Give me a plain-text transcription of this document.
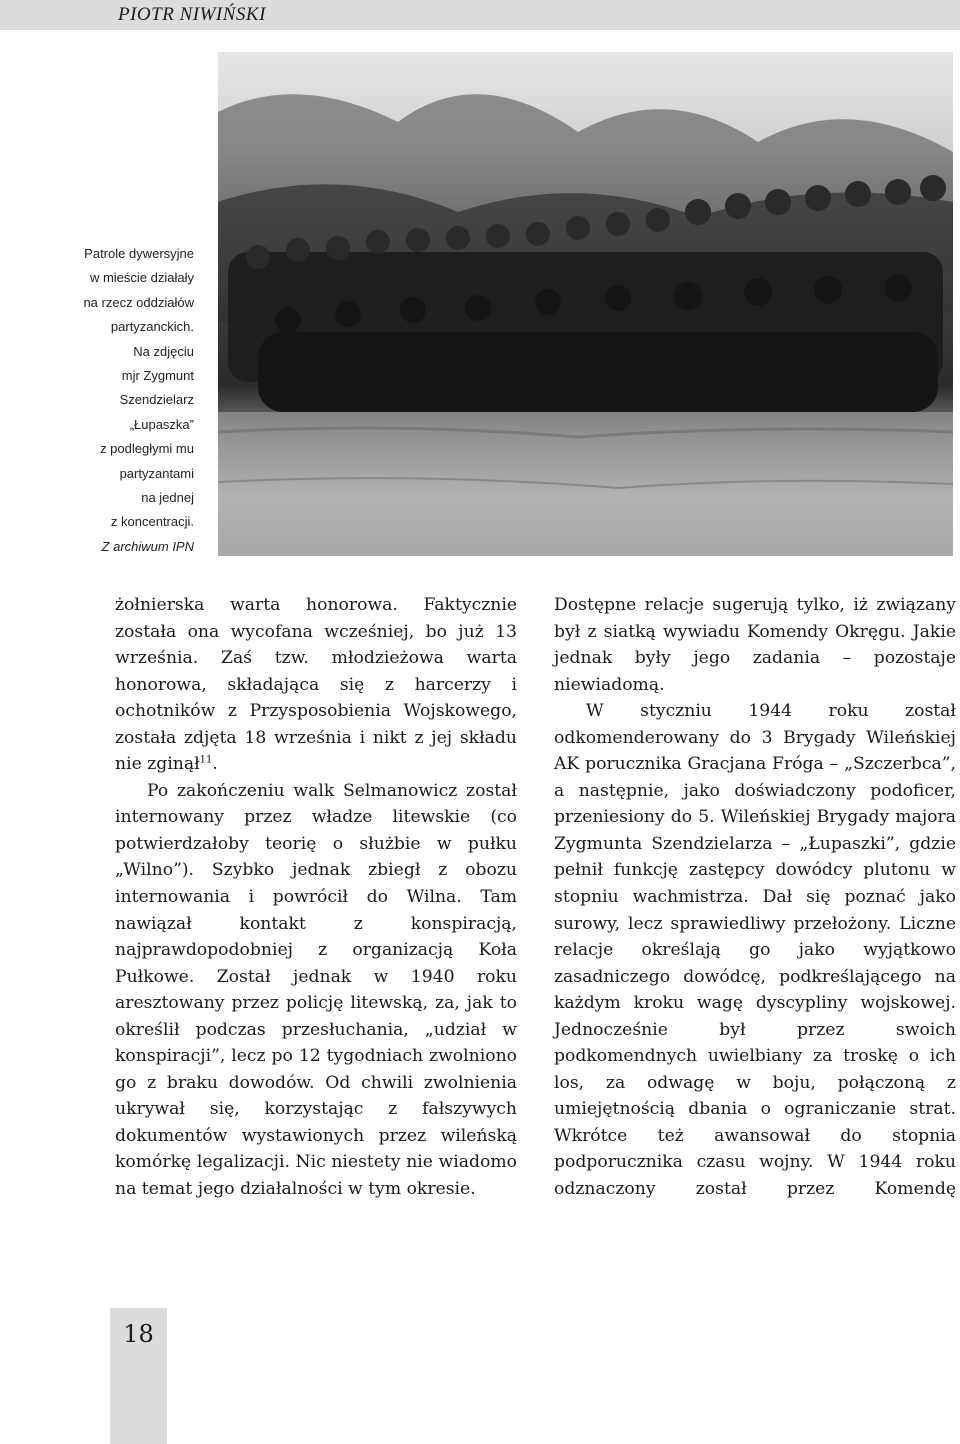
PIOTR NIWIŃSKI
Patrole dywersyjne
w mieście działały
na rzecz oddziałów
partyzanckich.
Na zdjęciu
mjr Zygmunt
Szendzielarz
„Łupaszka”
z podległymi mu
partyzantami
na jednej
z koncentracji.
Z archiwum IPN

żołnierska warta honorowa. Faktycznie została ona wycofana wcześniej, bo już 13 września. Zaś tzw. młodzieżowa warta honorowa, składająca się z harcerzy i ochotników z Przysposobienia Wojskowego, została zdjęta 18 września i nikt z jej składu nie zginął$^{11}$.

Po zakończeniu walk Selmanowicz został internowany przez władze litewskie (co potwierdzałoby teorię o służbie w pułku „Wilno”). Szybko jednak zbiegł z obozu internowania i powrócił do Wilna. Tam nawiązał kontakt z konspiracją, najprawdopodobniej z organizacją Koła Pułkowe. Został jednak w 1940 roku aresztowany przez policję litewską, za, jak to określił podczas przesłuchania, „udział w konspiracji”, lecz po 12 tygodniach zwolniono go z braku dowodów. Od chwili zwolnienia ukrywał się, korzystając z fałszywych dokumentów wystawionych przez wileńską komórkę legalizacji. Nic niestety nie wiadomo na temat jego działalności w tym okresie.

Dostępne relacje sugerują tylko, iż związany był z siatką wywiadu Komendy Okręgu. Jakie jednak były jego zadania – pozostaje niewiadomą.

W styczniu 1944 roku został odkomenderowany do 3 Brygady Wileńskiej AK porucznika Gracjana Fróga – „Szczerbca”, a następnie, jako doświadczony podoficer, przeniesiony do 5. Wileńskiej Brygady majora Zygmunta Szendzielarza – „Łupaszki”, gdzie pełnił funkcję zastępcy dowódcy plutonu w stopniu wachmistrza. Dał się poznać jako surowy, lecz sprawiedliwy przełożony. Liczne relacje określają go jako wyjątkowo zasadniczego dowódcę, podkreślającego na każdym kroku wagę dyscypliny wojskowej. Jednocześnie był przez swoich podkomendnych uwielbiany za troskę o ich los, za odwagę w boju, połączoną z umiejętnością dbania o ograniczanie strat. Wkrótce też awansował do stopnia podporucznika czasu wojny. W 1944 roku odznaczony został przez Komendę

18
